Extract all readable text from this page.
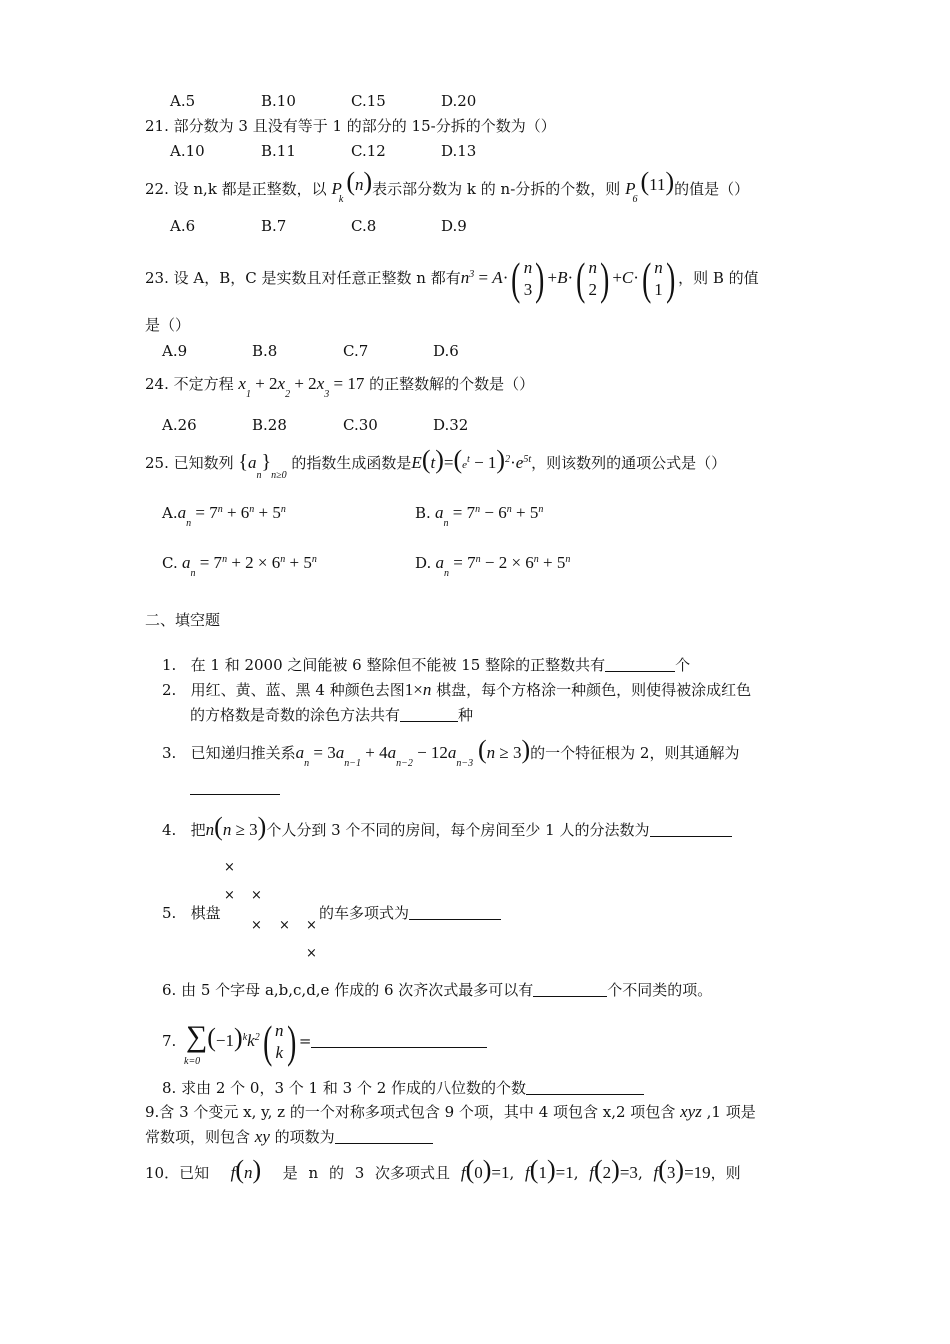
A.5	B.10	C.15	D.20
21. 部分数为 3 且没有等于 1 的部分的 15-分拆的个数为（）
A.10	B.11	C.12	D.13
22. 设 n,k 都是正整数，以 $P_k(n)$表示部分数为 k 的 n-分拆的个数，则 $P_6(11)$的值是（）
A.6	B.7	C.8	D.9
23. 设 A，B，C 是实数且对任意正整数 n 都有$n^3 = A\cdot$( n
3 ) +B·( n
2 ) +C·( n
1 ) ，则 B 的值
是（）
A.9	B.8	C.7	D.6
24. 不定方程 $x_1 + 2x_2 + 2x_3 = 17$ 的正整数解的个数是（）
A.26	B.28	C.30	D.32
25. 已知数列 $\{a_n\}_{n\ge 0}$ 的指数生成函数是$E(t)=(e^t - 1)^2\cdot e^{5t}$，则该数列的通项公式是（）
$A.a_n = 7^n + 6^n + 5^n$	B. $a_n = 7^n - 6^n + 5^n$
C. $a_n = 7^n + 2 \times 6^n + 5^n$	D. $a_n = 7^n - 2 \times 6^n + 5^n$
二、填空题
1. 在 1 和 2000 之间能被 6 整除但不能被 15 整除的正整数共有	个
2. 用红、黄、蓝、黑 4 种颜色去图1×n 棋盘，每个方格涂一种颜色，则使得被涂成红色
的方格数是奇数的涂色方法共有	种
3. 已知递归推关系$a_n = 3a_{n-1} + 4a_{n-2} - 12a_{n-3}$ (n ≥ 3)的一个特征根为 2，则其通解为
4. 把n(n ≥ 3)个人分到 3 个不同的房间，每个房间至少 1 人的分法数为
×
× ×
× × ×
×
5. 棋盘	的车多项式为
6. 由 5 个字母 a,b,c,d,e 作成的 6 次齐次式最多可以有	个不同类的项。
7. $\sum(-1)^kk^2$( n
k ) =
k=0
8. 求由 2 个 0，3 个 1 和 3 个 2 作成的八位数的个数
9.含 3 个变元 x, y, z 的一个对称多项式包含 9 个项，其中 4 项包含 x,2 项包含 xyz ,1 项是
常数项，则包含 xy 的项数为
10．已知 f(n) 是 n 的 3 次多项式且 f(0)=1, f(1)=1, f(2)=3, f(3)=19，则
